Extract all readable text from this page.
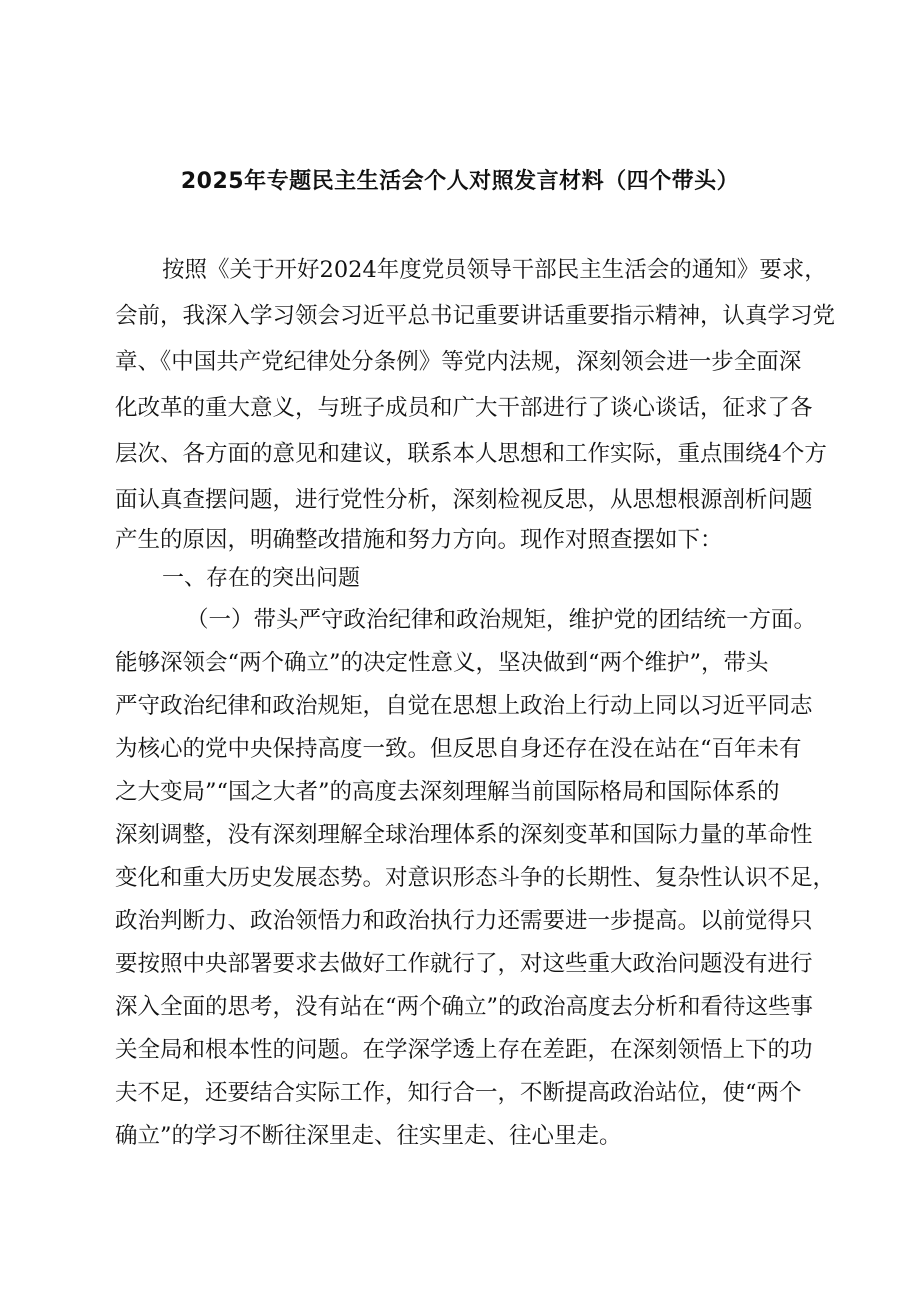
2025年专题民主生活会个人对照发言材料（四个带头）
按照《关于开好2024年度党员领导干部民主生活会的通知》要求，
会前，我深入学习领会习近平总书记重要讲话重要指示精神，认真学习党
章、《中国共产党纪律处分条例》等党内法规，深刻领会进一步全面深
化改革的重大意义，与班子成员和广大干部进行了谈心谈话，征求了各
层次、各方面的意见和建议，联系本人思想和工作实际，重点围绕4个方
面认真查摆问题，进行党性分析，深刻检视反思，从思想根源剖析问题
产生的原因，明确整改措施和努力方向。现作对照查摆如下：
一、存在的突出问题
（一）带头严守政治纪律和政治规矩，维护党的团结统一方面。
能够深领会“两个确立”的决定性意义，坚决做到“两个维护”，带头
严守政治纪律和政治规矩，自觉在思想上政治上行动上同以习近平同志
为核心的党中央保持高度一致。但反思自身还存在没在站在“百年未有
之大变局”“国之大者”的高度去深刻理解当前国际格局和国际体系的
深刻调整，没有深刻理解全球治理体系的深刻变革和国际力量的革命性
变化和重大历史发展态势。对意识形态斗争的长期性、复杂性认识不足，
政治判断力、政治领悟力和政治执行力还需要进一步提高。以前觉得只
要按照中央部署要求去做好工作就行了，对这些重大政治问题没有进行
深入全面的思考，没有站在“两个确立”的政治高度去分析和看待这些事
关全局和根本性的问题。在学深学透上存在差距，在深刻领悟上下的功
夫不足，还要结合实际工作，知行合一，不断提高政治站位，使“两个
确立”的学习不断往深里走、往实里走、往心里走。
